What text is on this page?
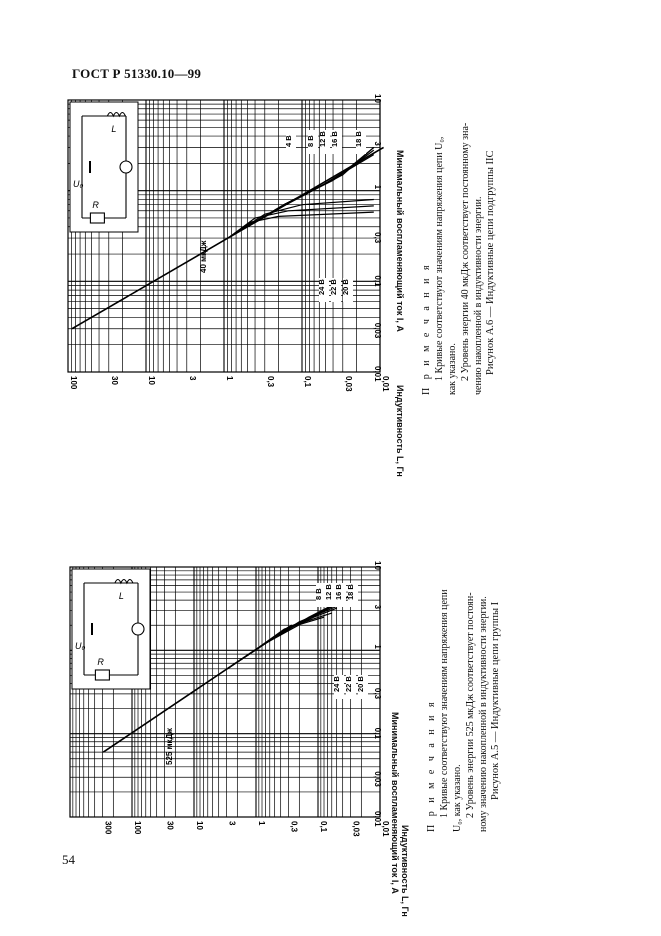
ГОСТ Р 51330.10—99
54
0,01
0,03
0,1
0,3
1
3
10
30
100
300
0,01
0,03
0,1
0,3
1
3
10
24 В 22 В 20 В
8 В 12 В 16 В 18 В
R
L
U₀
525 мкДж
Индуктивность L, Гн
Минимальный воспламеняющий ток I, А	П р и м е ч а н и я 1 Кривые соответствуют значениям напряжения цепи U₀, как указано. 2 Уровень энергии 525 мкДж соответствует постоян- ному значению накопленной в индуктивности энергии. Рисунок А.5 — Индуктивные цепи группы I
0,01
0,03
0,1
0,3
1
3
10
30
100
0,01
0,03
0,1
0,3
1
3
10
24 В 22 В 20 В
4 В 8 В 12 В 16 В 18 В
R
L
U₀
40 мкДж
Индуктивность L, Гн
Минимальный воспламеняющий ток I, А П р и м е ч а н и я 1 Кривые соответствуют значениям напряжения цепи U₀, как указано. 2 Уровень энергии 40 мкДж соответствует постоянному зна- чению накопленной в индуктивности энергии. Рисунок А.6 — Индуктивные цепи подгруппы IIC
